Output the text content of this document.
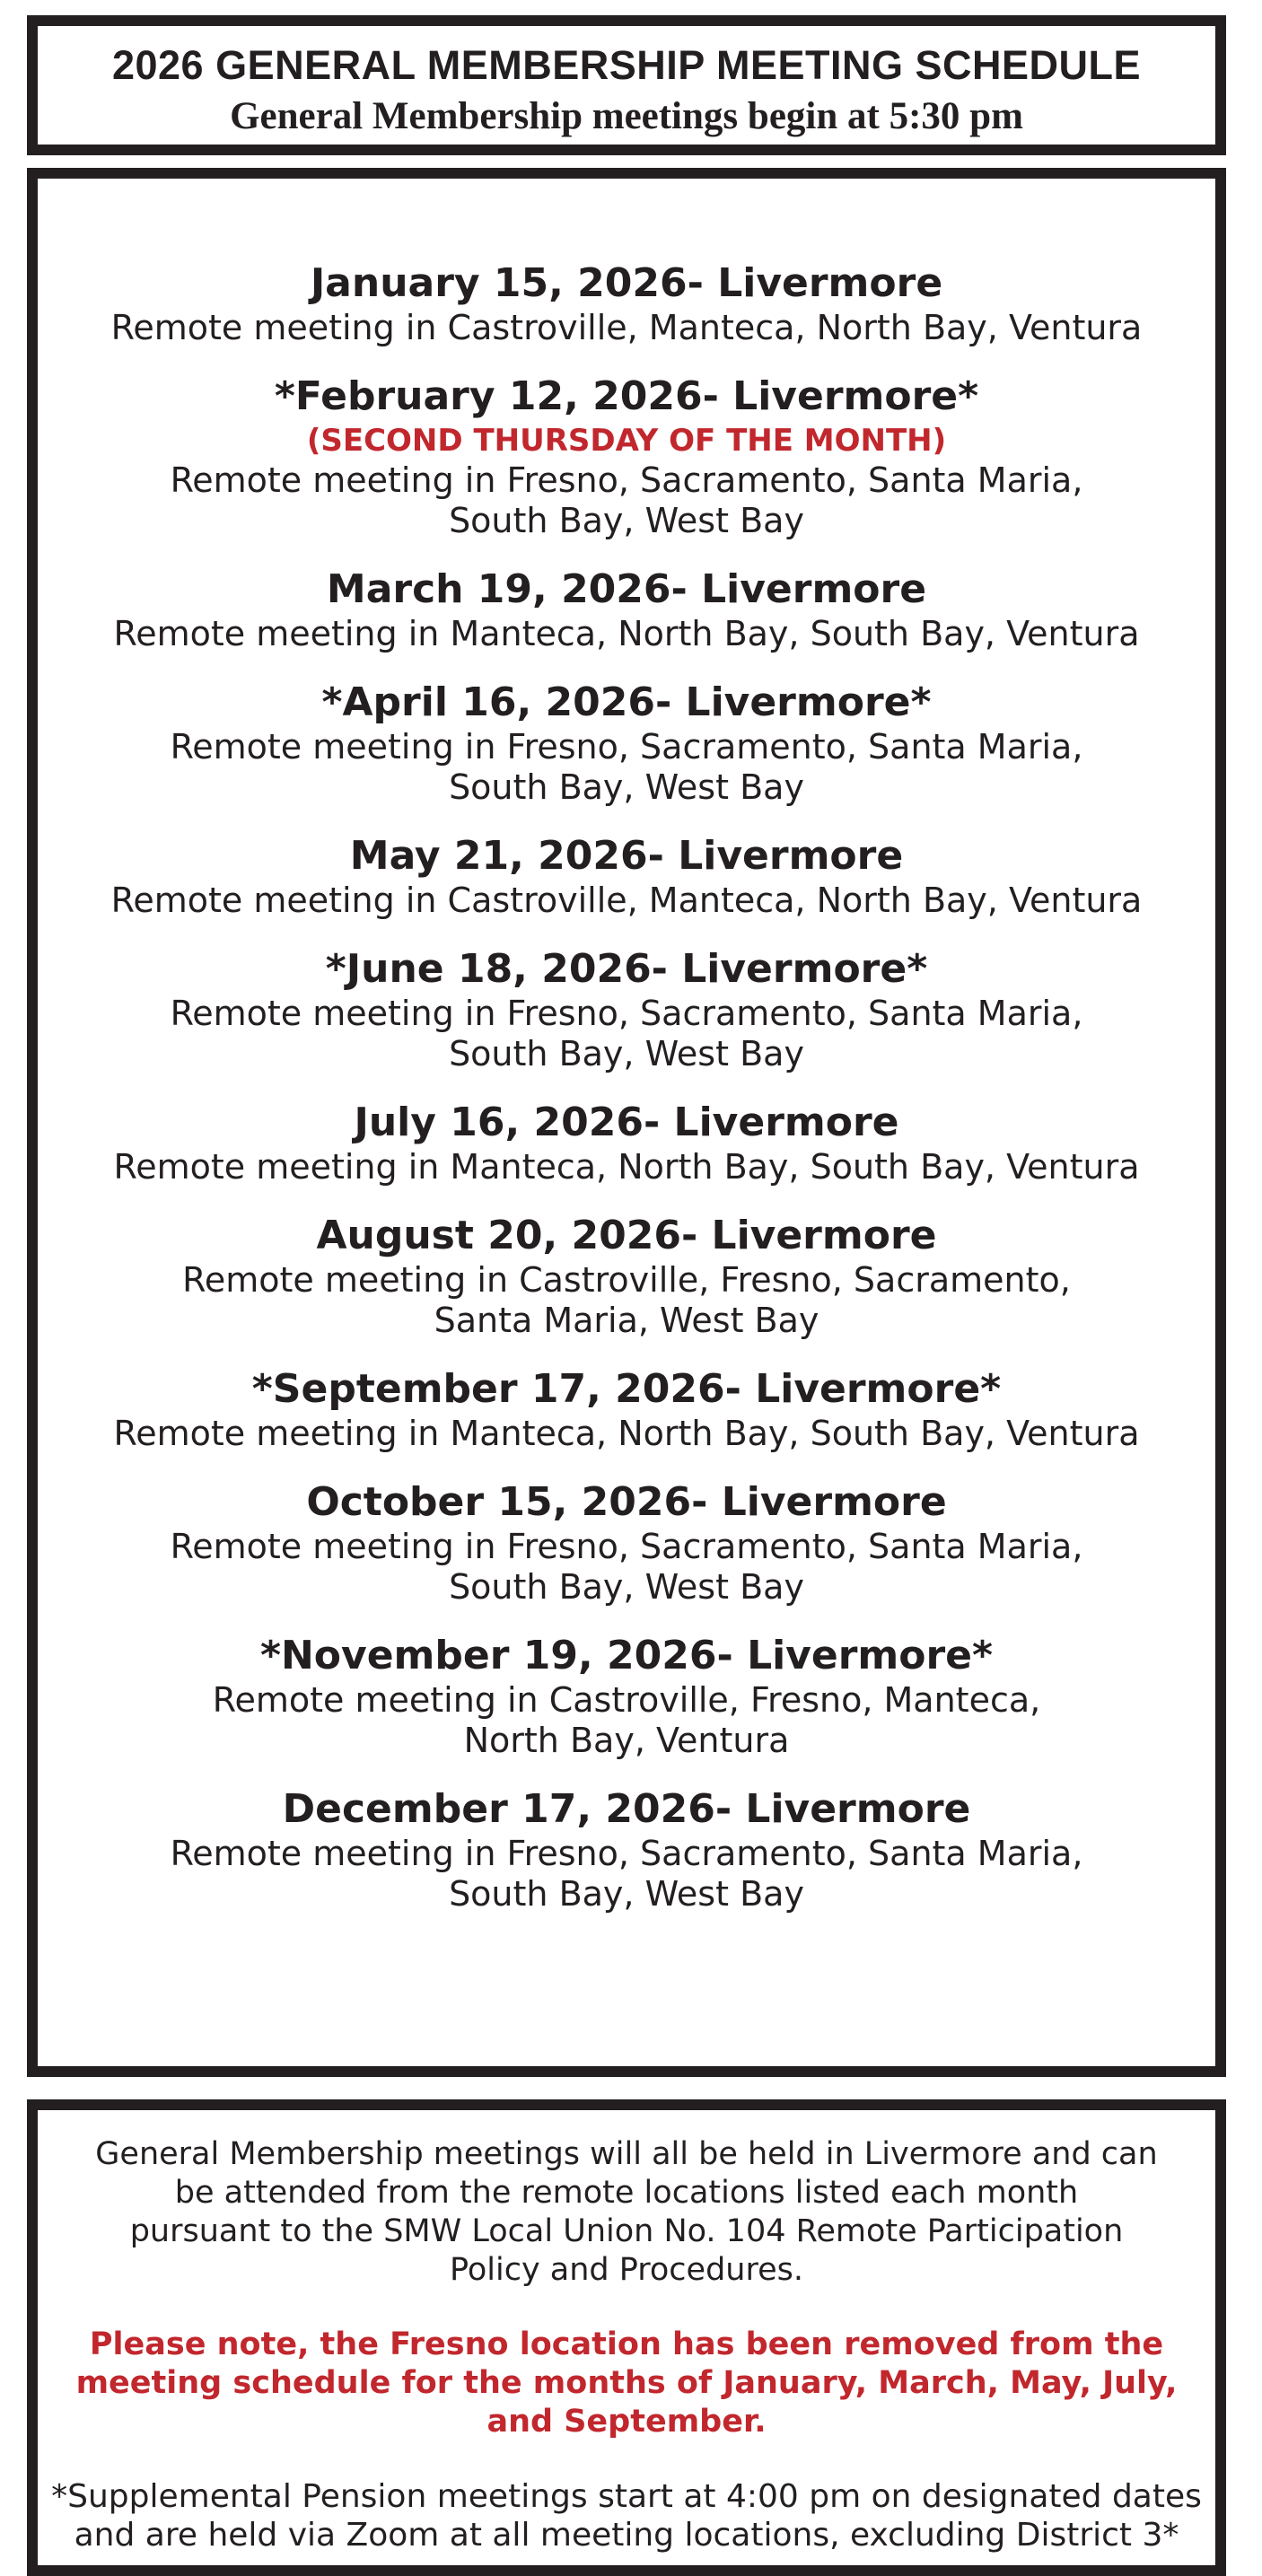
2026 GENERAL MEMBERSHIP MEETING SCHEDULE
General Membership meetings begin at 5:30 pm
January 15, 2026- Livermore
Remote meeting in Castroville, Manteca, North Bay, Ventura
*February 12, 2026- Livermore*
(SECOND THURSDAY OF THE MONTH)
Remote meeting in Fresno, Sacramento, Santa Maria,
South Bay, West Bay
March 19, 2026- Livermore
Remote meeting in Manteca, North Bay, South Bay, Ventura
*April 16, 2026- Livermore*
Remote meeting in Fresno, Sacramento, Santa Maria,
South Bay, West Bay
May 21, 2026- Livermore
Remote meeting in Castroville, Manteca, North Bay, Ventura
*June 18, 2026- Livermore*
Remote meeting in Fresno, Sacramento, Santa Maria,
South Bay, West Bay
July 16, 2026- Livermore
Remote meeting in Manteca, North Bay, South Bay, Ventura
August 20, 2026- Livermore
Remote meeting in Castroville, Fresno, Sacramento,
Santa Maria, West Bay
*September 17, 2026- Livermore*
Remote meeting in Manteca, North Bay, South Bay, Ventura
October 15, 2026- Livermore
Remote meeting in Fresno, Sacramento, Santa Maria,
South Bay, West Bay
*November 19, 2026- Livermore*
Remote meeting in Castroville, Fresno, Manteca,
North Bay, Ventura
December 17, 2026- Livermore
Remote meeting in Fresno, Sacramento, Santa Maria,
South Bay, West Bay

General Membership meetings will all be held in Livermore and can
be attended from the remote locations listed each month
pursuant to the SMW Local Union No. 104 Remote Participation
Policy and Procedures.

Please note, the Fresno location has been removed from the
meeting schedule for the months of January, March, May, July,
and September.

*Supplemental Pension meetings start at 4:00 pm on designated dates
and are held via Zoom at all meeting locations, excluding District 3*
